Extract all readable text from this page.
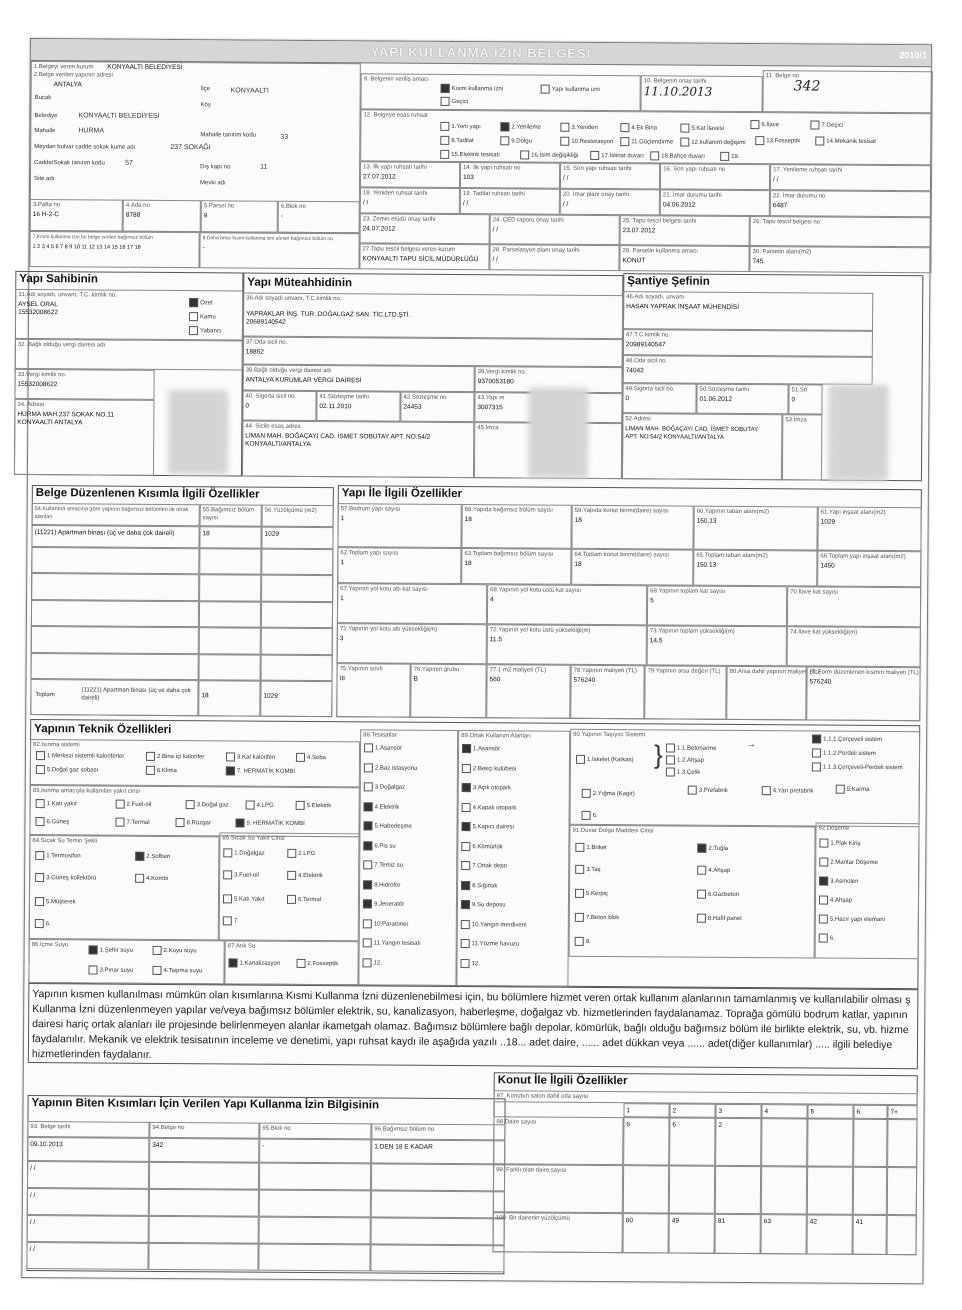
YAPI KULLANMA İZİN BELGESİ	2010/1
1.Belgeyi veren kurum KONYAALTI BELEDİYESİ
2.Belge verilen yapının adresi
ANTALYA
Bucak
İlçe	KONYAALTI
Köy
Belediye	KONYAALTI BELEDİYESİ
Mahalle	HURMA
Mahalle tanıtım kodu	33
Meydan bulvar cadde sokak kume adı	237 SOKAĞI
Cadde/Sokak tanıtım kodu	57
Dış kapı no	11
Site adı
Mevki adı
3.Pafta no
16 H-2-C
4.Ada no
8788
5.Parsel no
9
6.Blok no
-
7.Kısmi kullanma izni bu belge verilen bağımsız bölüm
1 2 3 4 5 6 7 8 9 10 11 12 13 14 15 16 17 18
8.Daha önce kısmi kullanma izni alınan bağımsız bölüm no
-
9. Belgenin veriliş amacı
Kısmi kullanma izni	Yapı kullanma izni
Geçici
10. Belgenin onay tarihi
11.10.2013
11. Belge no
342
12. Belgeye esas ruhsat
Yapı Sahibinin
31.Adı soyadı, unvanı, T.C. kimlik no.
AYSEL ORAL
15532008622
Özel
Kamu
Yabancı
32. Bağlı olduğu vergi dairesi adı
33.Vergi kimlik no.
15532008622
34. Adresi
HURMA MAH.237 SOKAK NO.11
KONYAALTI ANTALYA
Yapı Müteahhidinin
36.Adı soyadı unvanı, T.C.kimlik no.
YAPRAKLAR İNŞ. TUR. DOĞALGAZ SAN. TİC.LTD.ŞTİ.
20689140542
37.Oda sicil no.
18852
38.Bağlı olduğu vergi dairesi adı
ANTALYA KURUMLAR VERGİ DAİRESİ
39.Vergi kimlik no.
9370053180
40. Sigorta sicil no.
0
41.Sözleşme tarihi
02.11.2010
42.Sözleşme no
24453
43.Yapı m
3007315
44. Sicile esas adres
LİMAN MAH. BOĞAÇAYI CAD. İSMET SOBUTAY APT. NO.54/2
KONYAALTI/ANTALYA
45.İmza
Şantiye Şefinin
46.Adı soyadı, unvanı
HASAN YAPRAK İNŞAAT MÜHENDİSİ
47.T.C.kimlik no.
20989140547
48.Oda sicil no.
74042
49.Sigorta sicil no.
0
50.Sözleşme tarihi
01.06.2012
51.Sö
0
52.Adresi
LİMAN MAH. BOĞAÇAYI CAD. İSMET SOBUTAY
APT. NO:54/2 KONYAALTI/ANTALYA
53.İmza
Belge Düzenlenen Kısımla İlgili Özellikler
54.Kullanma amacına göre yapının bağımsız bölümleri ile ortak alanları
55.Bağımsız bölüm sayısı
56.Yüzölçümü (m2)
Toplam
(11221) Apartman binası (üç ve daha çok daireli)	18	1029
Yapı İle İlgili Özellikler
Yapının Teknik Özellikleri
Yapının kısmen kullanılması mümkün olan kısımlarına Kısmi Kullanma İzni düzenlenebilmesi için, bu bölümlere hizmet veren ortak kullanım alanlarının tamamlanmış ve kullanılabilir olması ş
Kullanma İzni düzenlenmeyen yapılar ve/veya bağımsız bölümler elektrik, su, kanalizasyon, haberleşme, doğalgaz vb. hizmetlerinden faydalanamaz. Toprağa gömülü bodrum katlar, yapının
dairesi hariç ortak alanları ile projesinde belirlenmeyen alanlar ikametgah olamaz. Bağımsız bölümlere bağlı depolar, kömürlük, bağlı olduğu bağımsız bölüm ile birlikte elektrik, su, vb. hizme
faydalanılır. Mekanik ve elektrik tesisatının inceleme ve denetimi, yapı ruhsat kaydı ile aşağıda yazılı ..18... adet daire, ...... adet dükkan veya ...... adet(diğer kullanımlar) ..... ilgili belediye
hizmetlerinden faydalanır.
Yapının Biten Kısımları İçin Verilen Yapı Kullanma İzin Bilgisinin
Konut İle İlgili Özellikler
1.Yeni yapı	2.Yenileme	3.Yeniden	4.Ek Bina	5.Kat İlavesi
6.İlave	7.Geçici
8.Tadilat	9.Dolgu	10.Restorasyon	11.Güçlendirme	12.kullanım değişimi	13.Fosseptik	14.Mekanik tesisat
15.Elektrik tesisatı	16.İsim değişikliği	17.İstinat duvarı	18.Bahçe duvarı	19.
13. İlk yapı ruhsatı tarihi
27.07.2012
14. İlk yapı ruhsatı no
103
15. Son yapı ruhsatı tarihi
/ /
16. Son yapı ruhsatı no	17. Yenileme ruhsatı tarihi
/ /
18. Yeniden ruhsat tarihi
/ /
19. Tadilat ruhsatı tarihi
/ /
20. İmar planı onay tarihi
/ /
21. İmar durumu tarihi
04.06.2012
22. İmar durumu no
6487
23. Zemin etüdü onay tarihi
24.07.2012
24. ÇED raporu onay tarihi
/ /
25. Tapu tescil belgesi tarihi
23.07.2012
26. Tapu tescil belgesi no
27.Tapu tescil belgesi veren kurum
KONYAALTI TAPU SİCİL MÜDÜRLÜĞÜ
28. Parselasyon planı onay tarihi
/ /
29. Parselin kullanma amacı
KONUT
30. Parselin alanı(m2)
745
(11221) Apartman binası (üç ve daha çok daireli)	18	1029
57.Bodrum yapı sayısı
1
58.Yapıda bağımsız bölüm sayısı
18
59.Yapıda konut birimi(daire) sayısı
18
60.Yapının taban alanı(m2)
150.13
61.Yapı inşaat alanı(m2)
1029
62.Toplam yapı sayısı
1
63.Toplam bağımsız bölüm sayısı
18
64.Toplam konut birimi(daire) sayısı
18
65.Toplam taban alanı(m2)
150.13
66.Toplam yapı inşaat alanı(m2)
1450
67.Yapının yol kotu altı kat sayısı
1
68.Yapının yol kotu üstü kat sayısı
4
69.Yapının toplam kat sayısı
5
70.İlave kat sayısı
71.Yapının yol kotu altı yüksekliği(m)
3
72.Yapının yol kotu üstü yüksekliği(m)
11.5
73.Yapının toplam yüksekliği(m)
14.5
74.İlave kat yüksekliği(m)
75.Yapının sınıfı
III
76.Yapının grubu
B
77.1 m2 maliyeti (TL)
560
78.Yapının maliyeti (TL)
576240
79.Yapının arsa değeri (TL)	80.Arsa dahil yapının maliyeti (TL)
81.Form düzenlenen kısmın maliyeti (TL)
576240
82.Isınma sistemi
1.Merkezi sistemli kaloriferler	2.Bina içi kalorifer	3.Kat kaloriferi	4.Soba
5.Doğal gaz sobası	6.Klima	7. HERMATİK KOMBİ
83.Isınma amacıyla kullanılan yakıt cinsi
1.Katı yakıt	2.Fuel-oil	3.Doğal gaz	4.LPG	5.Elektrik
6.Güneş	7.Termal	8.Rüzgar	9. HERMATİK KOMBİ
84.Sıcak Su Temin Şekli
1.Termosifon	2.Şofben
3.Güneş kollektörü	4.Kombi
5.Müşterek
6.
85.Sıcak Su Yakıt Cinsi
1.Doğalgaz	2.LPG
3.Fuel-oil	4.Elektrik
5.Katı Yakıt	6.Termal
7.
86.İçme Suyu
1.Şehir suyu	2.Kuyu suyu
3.Pınar suyu	4.Taşıma suyu
87.Atık Su
1.Kanalizasyon	2.Fosseptik
88.Tesisatlar
1.Asansör
2.Baz istasyonu
3.Doğalgaz
4.Elektrik
5.Haberleşme
6.Pis su
7.Temiz su
8.Hidrofor
9.Jeneratör
10.Paratoner
11.Yangın tesisatı
12.
89.Ortak Kullanım Alanları
1.Asansör
2.Bekçi kulübesi
3.Açık otopark
4.Kapalı otopark
5.Kapıcı dairesi
6.Kömürlük
7.Ortak depo
8.Sığınak
9.Su deposu
10.Yangın merdiveni
11.Yüzme havuzu
12.
90.Yapının Taşıyıcı Sistemi
1.İskelet (Karkas)
1.1.Betonarme
1.2.Ahşap
1.3.Çelik
1.1.1.Çerçeveli sistem
1.1.2.Perdeli sistem
1.1.3.Çerçeveli-Perdeli sistem
2.Yığma (Kagir)
3.Prefabrik	4.Yarı prefabrik	5.Karma
6.
}	→
91.Duvar Dolgu Maddesi Cinsi
1.Briket	2.Tuğla
3.Taş	4.Ahşap
5.Kerpiç	6.Gazbeton
7.Beton blok	8.Hafif panel
9.
92.Döşeme
1.Plak Kiriş
2.Mantar Döşeme
3.Asmolen
4.Ahşap
5.Hazır yapı elemanı
6.
93. Belge tarihi	94.Belge no	95.Blok no	96.Bağımsız bölüm no
09.10.2013	342	-	1.DEN 18 E KADAR
/ /
/ /
/ /
/ /
97. Konutun salon dahil oda sayısı
1	2	3	4	5	6	7+
98.Daire sayısı	6	6	2
99. Farklı olan daire sayısı
100. Bir dairenin yüzölçümü	60	49	81	63	42	41
